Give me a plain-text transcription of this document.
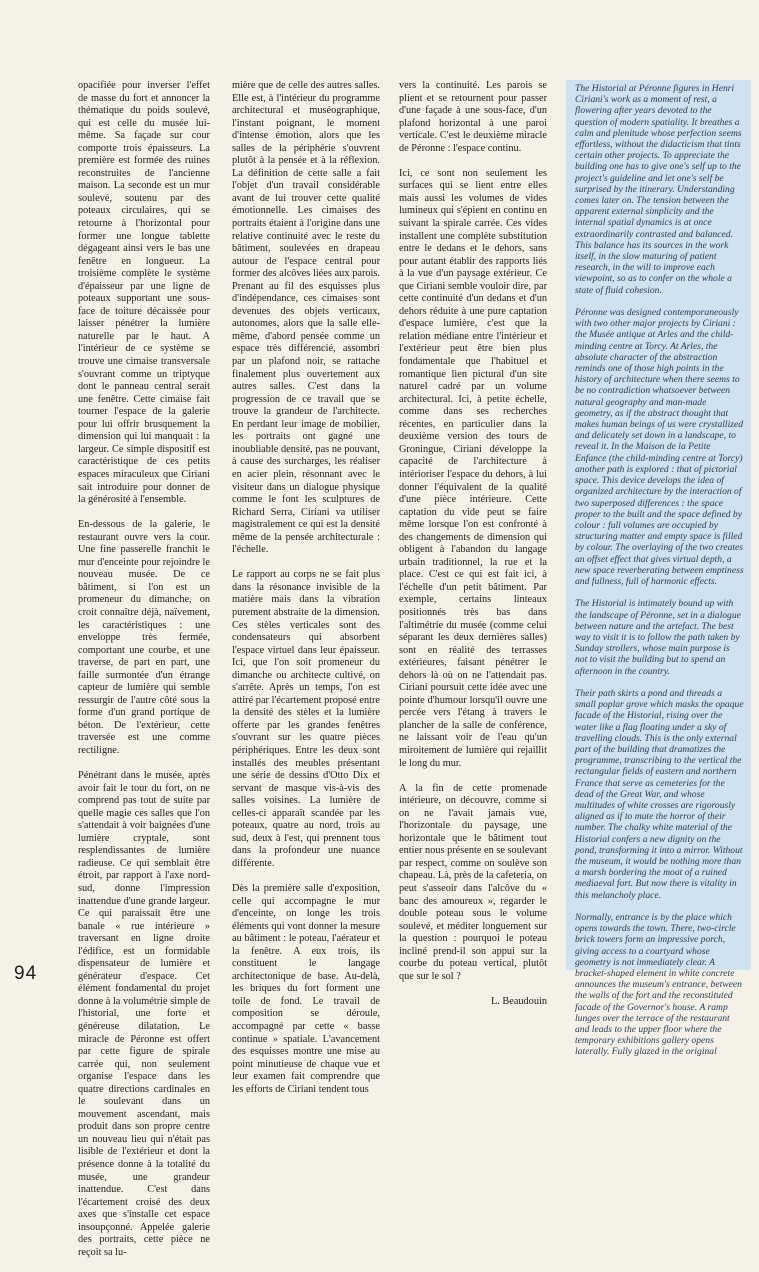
opacifiée pour inverser l'effet de masse du fort et annoncer la thématique du poids soulevé, qui est celle du musée lui-même. Sa façade sur cour comporte trois épaisseurs. La première est formée des ruines reconstruites de l'ancienne maison. La seconde est un mur soulevé, soutenu par des poteaux circulaires, qui se retourne à l'horizontal pour former une longue tablette dégageant ainsi vers le bas une fenêtre en longueur. La troisième complète le système d'épaisseur par une ligne de poteaux supportant une sous-face de toiture décaissée pour laisser pénétrer la lumière naturelle par le haut. A l'intérieur de ce système se trouve une cimaise transversale s'ouvrant comme un triptyque dont le panneau central serait une fenêtre. Cette cimaise fait tourner l'espace de la galerie pour lui offrir brusquement la dimension qui lui manquait : la largeur. Ce simple dispositif est caractéristique de ces petits espaces miraculeux que Ciriani sait introduire pour donner de la générosité à l'ensemble.

En-dessous de la galerie, le restaurant ouvre vers la cour. Une fine passerelle franchit le mur d'enceinte pour rejoindre le nouveau musée. De ce bâtiment, si l'on est un promeneur du dimanche, on croit connaître déjà, naïvement, les caractéristiques : une enveloppe très fermée, comportant une courbe, et une traverse, de part en part, une faille surmontée d'un étrange capteur de lumière qui semble ressurgir de l'autre côté sous la forme d'un grand portique de béton. De l'extérieur, cette traversée est une comme rectiligne.

Pénétrant dans le musée, après avoir fait le tour du fort, on ne comprend pas tout de suite par quelle magie ces salles que l'on s'attendait à voir baignées d'une lumière cryptale, sont resplendissantes de lumière radieuse. Ce qui semblait être étroit, par rapport à l'axe nord-sud, donne l'impression inattendue d'une grande largeur. Ce qui paraissait être une banale « rue intérieure » traversant en ligne droite l'édifice, est un formidable dispensateur de lumière et générateur d'espace. Cet élément fondamental du projet donne à la volumétrie simple de l'historial, une forte et généreuse dilatation. Le miracle de Péronne est offert par cette figure de spirale carrée qui, non seulement organise l'espace dans les quatre directions cardinales en le soulevant dans un mouvement ascendant, mais produit dans son propre centre un nouveau lieu qui n'était pas lisible de l'extérieur et dont la présence donne à la totalité du musée, une grandeur inattendue. C'est dans l'écartement croisé des deux axes que s'installe cet espace insoupçonné. Appelée galerie des portraits, cette pièce ne reçoit sa lu-

mière que de celle des autres salles. Elle est, à l'intérieur du programme architectural et muséographique, l'instant poignant, le moment d'intense émotion, alors que les salles de la périphérie s'ouvrent plutôt à la pensée et à la réflexion. La définition de cette salle a fait l'objet d'un travail considérable avant de lui trouver cette qualité émotionnelle. Les cimaises des portraits étaient à l'origine dans une relative continuité avec le reste du bâtiment, soulevées en drapeau autour de l'espace central pour former des alcôves liées aux parois. Prenant au fil des esquisses plus d'indépendance, ces cimaises sont devenues des objets verticaux, autonomes, alors que la salle elle-même, d'abord pensée comme un espace très différencié, assombri par un plafond noir, se rattache finalement plus ouvertement aux autres salles. C'est dans la progression de ce travail que se trouve la grandeur de l'architecte. En perdant leur image de mobilier, les portraits ont gagné une inoubliable densité, pas ne pouvant, à cause des surcharges, les réaliser en acier plein, résonnant avec le visiteur dans un dialogue physique comme le font les sculptures de Richard Serra, Ciriani va utiliser magistralement ce qui est la densité même de la pensée architecturale : l'échelle.

Le rapport au corps ne se fait plus dans la résonance invisible de la matière mais dans la vibration purement abstraite de la dimension. Ces stèles verticales sont des condensateurs qui absorbent l'espace virtuel dans leur épaisseur. Ici, que l'on soit promeneur du dimanche ou architecte cultivé, on s'arrête. Après un temps, l'on est attiré par l'écartement proposé entre la densité des stèles et la lumière offerte par les grandes fenêtres s'ouvrant sur les quatre pièces périphériques. Entre les deux sont installés des meubles présentant une série de dessins d'Otto Dix et servant de masque vis-à-vis des salles voisines. La lumière de celles-ci apparaît scandée par les poteaux, quatre au nord, trois au sud, deux à l'est, qui prennent tous dans la profondeur une nuance différente.

Dès la première salle d'exposition, celle qui accompagne le mur d'enceinte, on longe les trois éléments qui vont donner la mesure au bâtiment : le poteau, l'aérateur et la fenêtre. A eux trois, ils constituent le langage architectonique de base. Au-delà, les briques du fort forment une toile de fond. Le travail de composition se déroule, accompagné par cette « basse continue » spatiale. L'avancement des esquisses montre une mise au point minutieuse de chaque vue et leur examen fait comprendre que les efforts de Ciriani tendent tous

vers la continuité. Les parois se plient et se retournent pour passer d'une façade à une sous-face, d'un plafond horizontal à une paroi verticale. C'est le deuxième miracle de Péronne : l'espace continu.

Ici, ce sont non seulement les surfaces qui se lient entre elles mais aussi les volumes de vides lumineux qui s'épient en continu en suivant la spirale carrée. Ces vides installent une complète substitution entre le dedans et le dehors, sans pour autant établir des rapports liés à la vue d'un paysage extérieur. Ce que Ciriani semble vouloir dire, par cette continuité d'un dedans et d'un dehors réduite à une pure captation d'espace lumière, c'est que la relation médiane entre l'intérieur et l'extérieur peut être bien plus fondamentale que l'habituel et romantique lien pictural d'un site naturel cadré par un volume architectural. Ici, à petite échelle, comme dans ses recherches récentes, en particulier dans la deuxième version des tours de Groningue, Ciriani développe la capacité de l'architecture à intérioriser l'espace du dehors, à lui donner l'équivalent de la qualité d'une pièce intérieure. Cette captation du vide peut se faire même lorsque l'on est confronté à des changements de dimension qui obligent à l'abandon du langage urbain traditionnel, la rue et la place. C'est ce qui est fait ici, à l'échelle d'un petit bâtiment. Par exemple, certains linteaux positionnés très bas dans l'altimétrie du musée (comme celui séparant les deux dernières salles) sont en réalité des terrasses extérieures, faisant pénétrer le dehors là où on ne l'attendait pas. Ciriani poursuit cette idée avec une pointe d'humour lorsqu'il ouvre une percée vers l'étang à travers le plancher de la salle de conférence, ne laissant voir de l'eau qu'un miroitement de lumière qui rejaillit le long du mur.

A la fin de cette promenade intérieure, on découvre, comme si on ne l'avait jamais vue, l'horizontale du paysage, une horizontale que le bâtiment tout entier nous présente en se soulevant par respect, comme on soulève son chapeau. Là, près de la cafeteria, on peut s'asseoir dans l'alcôve du « banc des amoureux », regarder le double poteau sous le volume soulevé, et méditer longuement sur la question : pourquoi le poteau incliné prend-il son appui sur la courbe du poteau vertical, plutôt que sur le sol ?

L. Beaudouin

The Historial at Péronne figures in Henri Ciriani's work as a moment of rest, a flowering after years devoted to the question of modern spatiality. It breathes a calm and plenitude whose perfection seems effortless, without the didacticism that tints certain other projects. To appreciate the building one has to give one's self up to the project's guideline and let one's self be surprised by the itinerary. Understanding comes later on. The tension between the apparent external simplicity and the internal spatial dynamics is at once extraordinarily contrasted and balanced. This balance has its sources in the work itself, in the slow maturing of patient research, in the will to improve each viewpoint, so as to confer on the whole a state of fluid cohesion.

Péronne was designed contemporaneously with two other major projects by Ciriani : the Musée antique at Arles and the child-minding centre at Torcy. At Arles, the absolute character of the abstraction reminds one of those high points in the history of architecture when there seems to be no contradiction whatsoever between natural geography and man-made geometry, as if the abstract thought that makes human beings of us were crystallized and delicately set down in a landscape, to reveal it. In the Maison de la Petite Enfance (the child-minding centre at Torcy) another path is explored : that of pictorial space. This device develops the idea of organized architecture by the interaction of two superposed differences : the space proper to the built and the space defined by colour : full volumes are occupied by structuring matter and empty space is filled by colour. The overlaying of the two creates an offset effect that gives virtual depth, a new space reverberating between emptiness and fullness, full of harmonic effects.

The Historial is intimately bound up with the landscape of Péronne, set in a dialogue between nature and the artefact. The best way to visit it is to follow the path taken by Sunday strollers, whose main purpose is not to visit the building but to spend an afternoon in the country.

Their path skirts a pond and threads a small poplar grove which masks the opaque facade of the Historial, rising over the water like a flag floating under a sky of travelling clouds. This is the only external part of the building that dramatizes the programme, transcribing to the vertical the rectangular fields of eastern and northern France that serve as cemeteries for the dead of the Great War, and whose multitudes of white crosses are rigorously aligned as if to mute the horror of their number. The chalky white material of the Historial confers a new dignity on the pond, transforming it into a mirror. Without the museum, it would be nothing more than a marsh bordering the moat of a ruined mediaeval fort. But now there is vitality in this melancholy place.

Normally, entrance is by the place which opens towards the town. There, two-circle brick towers form an impressive porch, giving access to a courtyard whose geometry is not immediately clear. A bracket-shaped element in white concrete announces the museum's entrance, between the walls of the fort and the reconstituted facade of the Governor's house. A ramp lunges over the terrace of the restaurant and leads to the upper floor where the temporary exhibitions gallery opens laterally. Fully glazed in the original

94
